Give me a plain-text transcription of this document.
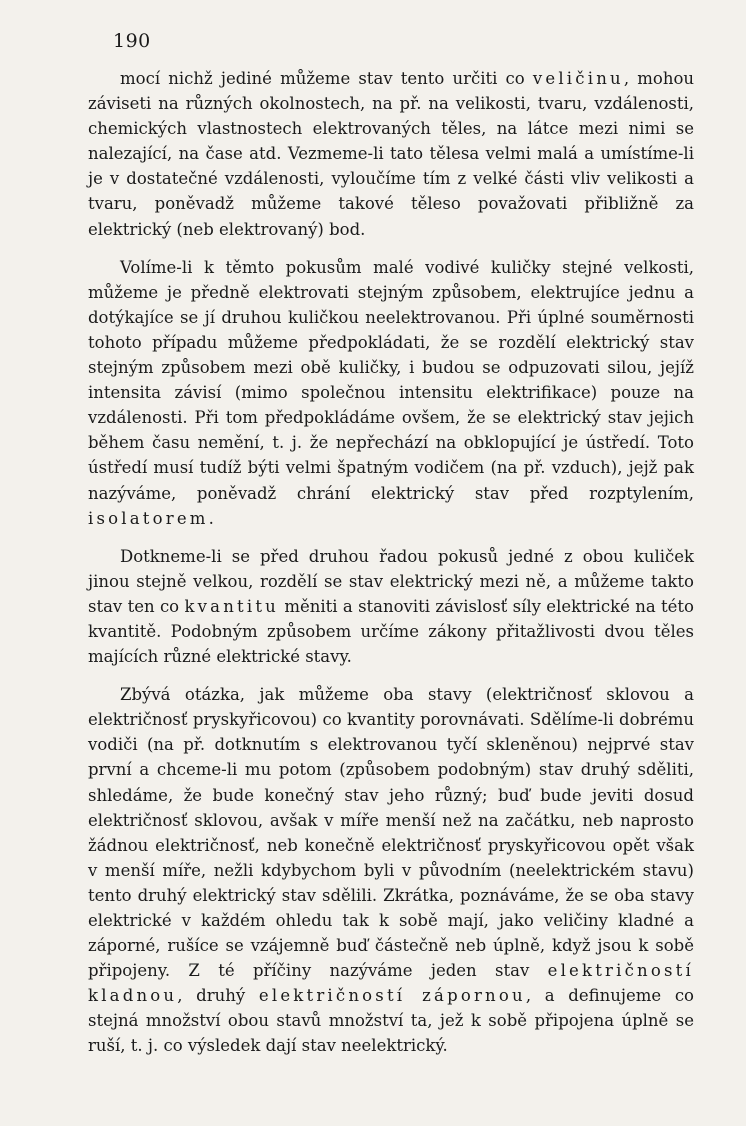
190

mocí nichž jediné můžeme stav tento určiti co veličinu, mohou záviseti na různých okolnostech, na př. na velikosti, tvaru, vzdálenosti, chemických vlastnostech elektrovaných těles, na látce mezi nimi se nalezající, na čase atd. Vezmeme-li tato tělesa velmi malá a umístíme-li je v dostatečné vzdálenosti, vyloučíme tím z velké části vliv velikosti a tvaru, poněvadž můžeme takové těleso považovati přibližně za elektrický (neb elektrovaný) bod.

Volíme-li k těmto pokusům malé vodivé kuličky stejné velkosti, můžeme je předně elektrovati stejným způsobem, elektrujíce jednu a dotýkajíce se jí druhou kuličkou neelektrovanou. Při úplné souměrnosti tohoto případu můžeme předpokládati, že se rozdělí elektrický stav stejným způsobem mezi obě kuličky, i budou se odpuzovati silou, jejíž intensita závisí (mimo společnou intensitu elektrifikace) pouze na vzdálenosti. Při tom předpokládáme ovšem, že se elektrický stav jejich během času nemění, t. j. že nepřechází na obklopující je ústředí. Toto ústředí musí tudíž býti velmi špatným vodičem (na př. vzduch), jejž pak nazýváme, poněvadž chrání elektrický stav před rozptylením, isolatorem.

Dotkneme-li se před druhou řadou pokusů jedné z obou kuliček jinou stejně velkou, rozdělí se stav elektrický mezi ně, a můžeme takto stav ten co kvantitu měniti a stanoviti závislosť síly elektrické na této kvantitě. Podobným způsobem určíme zákony přitažlivosti dvou těles majících různé elektrické stavy.

Zbývá otázka, jak můžeme oba stavy (električnosť sklovou a električnosť pryskyřicovou) co kvantity porovnávati. Sdělíme-li dobrému vodiči (na př. dotknutím s elektrovanou tyčí skleněnou) nejprvé stav první a chceme-li mu potom (způsobem podobným) stav druhý sděliti, shledáme, že bude konečný stav jeho různý; buď bude jeviti dosud električnosť sklovou, avšak v míře menší než na začátku, neb naprosto žádnou električnosť, neb konečně električnosť pryskyřicovou opět však v menší míře, nežli kdybychom byli v původním (neelektrickém stavu) tento druhý elektrický stav sdělili. Zkrátka, poznáváme, že se oba stavy elektrické v každém ohledu tak k sobě mají, jako veličiny kladné a záporné, rušíce se vzájemně buď částečně neb úplně, když jsou k sobě připojeny. Z té příčiny nazýváme jeden stav električností kladnou, druhý električností zápornou, a definujeme co stejná množství obou stavů množství ta, jež k sobě připojena úplně se ruší, t. j. co výsledek dají stav neelektrický.
